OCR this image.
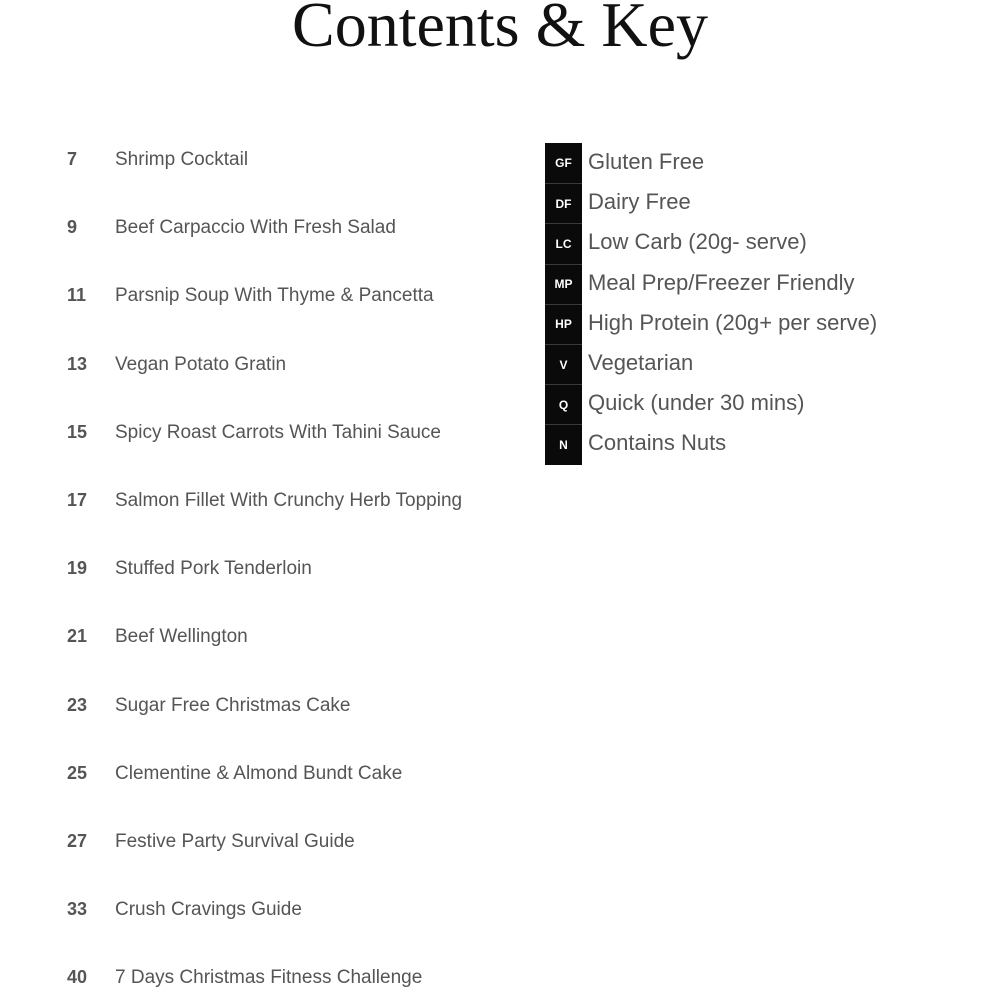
Contents & Key
7 Shrimp Cocktail
9 Beef Carpaccio With Fresh Salad
11 Parsnip Soup With Thyme & Pancetta
13 Vegan Potato Gratin
15 Spicy Roast Carrots With Tahini Sauce
17 Salmon Fillet With Crunchy Herb Topping
19 Stuffed Pork Tenderloin
21 Beef Wellington
23 Sugar Free Christmas Cake
25 Clementine & Almond Bundt Cake
27 Festive Party Survival Guide
33 Crush Cravings Guide
40 7 Days Christmas Fitness Challenge
GF Gluten Free
DF Dairy Free
LC Low Carb (20g- serve)
MP Meal Prep/Freezer Friendly
HP High Protein (20g+ per serve)
V Vegetarian
Q Quick (under 30 mins)
N Contains Nuts
